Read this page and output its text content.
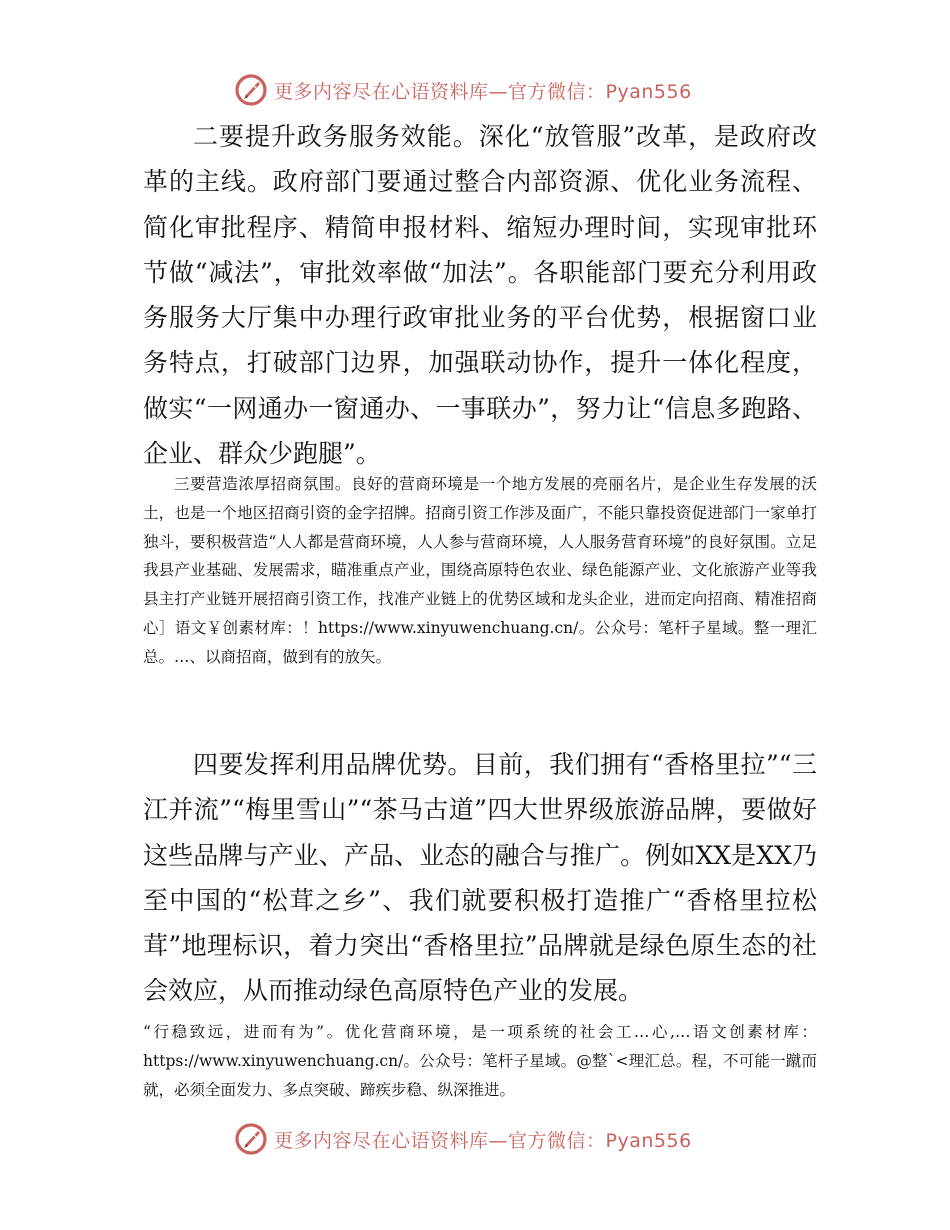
更多内容尽在心语资料库—官方微信：Pyan556

二要提升政务服务效能。深化“放管服”改革，是政府改革的主线。政府部门要通过整合内部资源、优化业务流程、简化审批程序、精简申报材料、缩短办理时间，实现审批环节做“减法”，审批效率做“加法”。各职能部门要充分利用政务服务大厅集中办理行政审批业务的平台优势，根据窗口业务特点，打破部门边界，加强联动协作，提升一体化程度，做实“一网通办一窗通办、一事联办”，努力让“信息多跑路、企业、群众少跑腿”。

三要营造浓厚招商氛围。良好的营商环境是一个地方发展的亮丽名片，是企业生存发展的沃土，也是一个地区招商引资的金字招牌。招商引资工作涉及面广，不能只靠投资促进部门一家单打独斗，要积极营造“人人都是营商环境，人人参与营商环境，人人服务营育环境”的良好氛围。立足我县产业基础、发展需求，瞄准重点产业，围绕高原特色农业、绿色能源产业、文化旅游产业等我县主打产业链开展招商引资工作，找准产业链上的优势区域和龙头企业，进而定向招商、精准招商心］语文￥创素材库：！https://www.xinyuwenchuang.cn/。公众号：笔杆子星域。整一理汇总。…、以商招商，做到有的放矢。

四要发挥利用品牌优势。目前，我们拥有“香格里拉”“三江并流”“梅里雪山”“茶马古道”四大世界级旅游品牌，要做好这些品牌与产业、产品、业态的融合与推广。例如XX是XX乃至中国的“松茸之乡”、我们就要积极打造推广“香格里拉松茸”地理标识，着力突出“香格里拉”品牌就是绿色原生态的社会效应，从而推动绿色高原特色产业的发展。

“行稳致远，进而有为”。优化营商环境，是一项系统的社会工…心,…语文创素材库：https://www.xinyuwenchuang.cn/。公众号：笔杆子星域。@整`<理汇总。程，不可能一蹴而就，必须全面发力、多点突破、蹄疾步稳、纵深推进。

更多内容尽在心语资料库—官方微信：Pyan556
